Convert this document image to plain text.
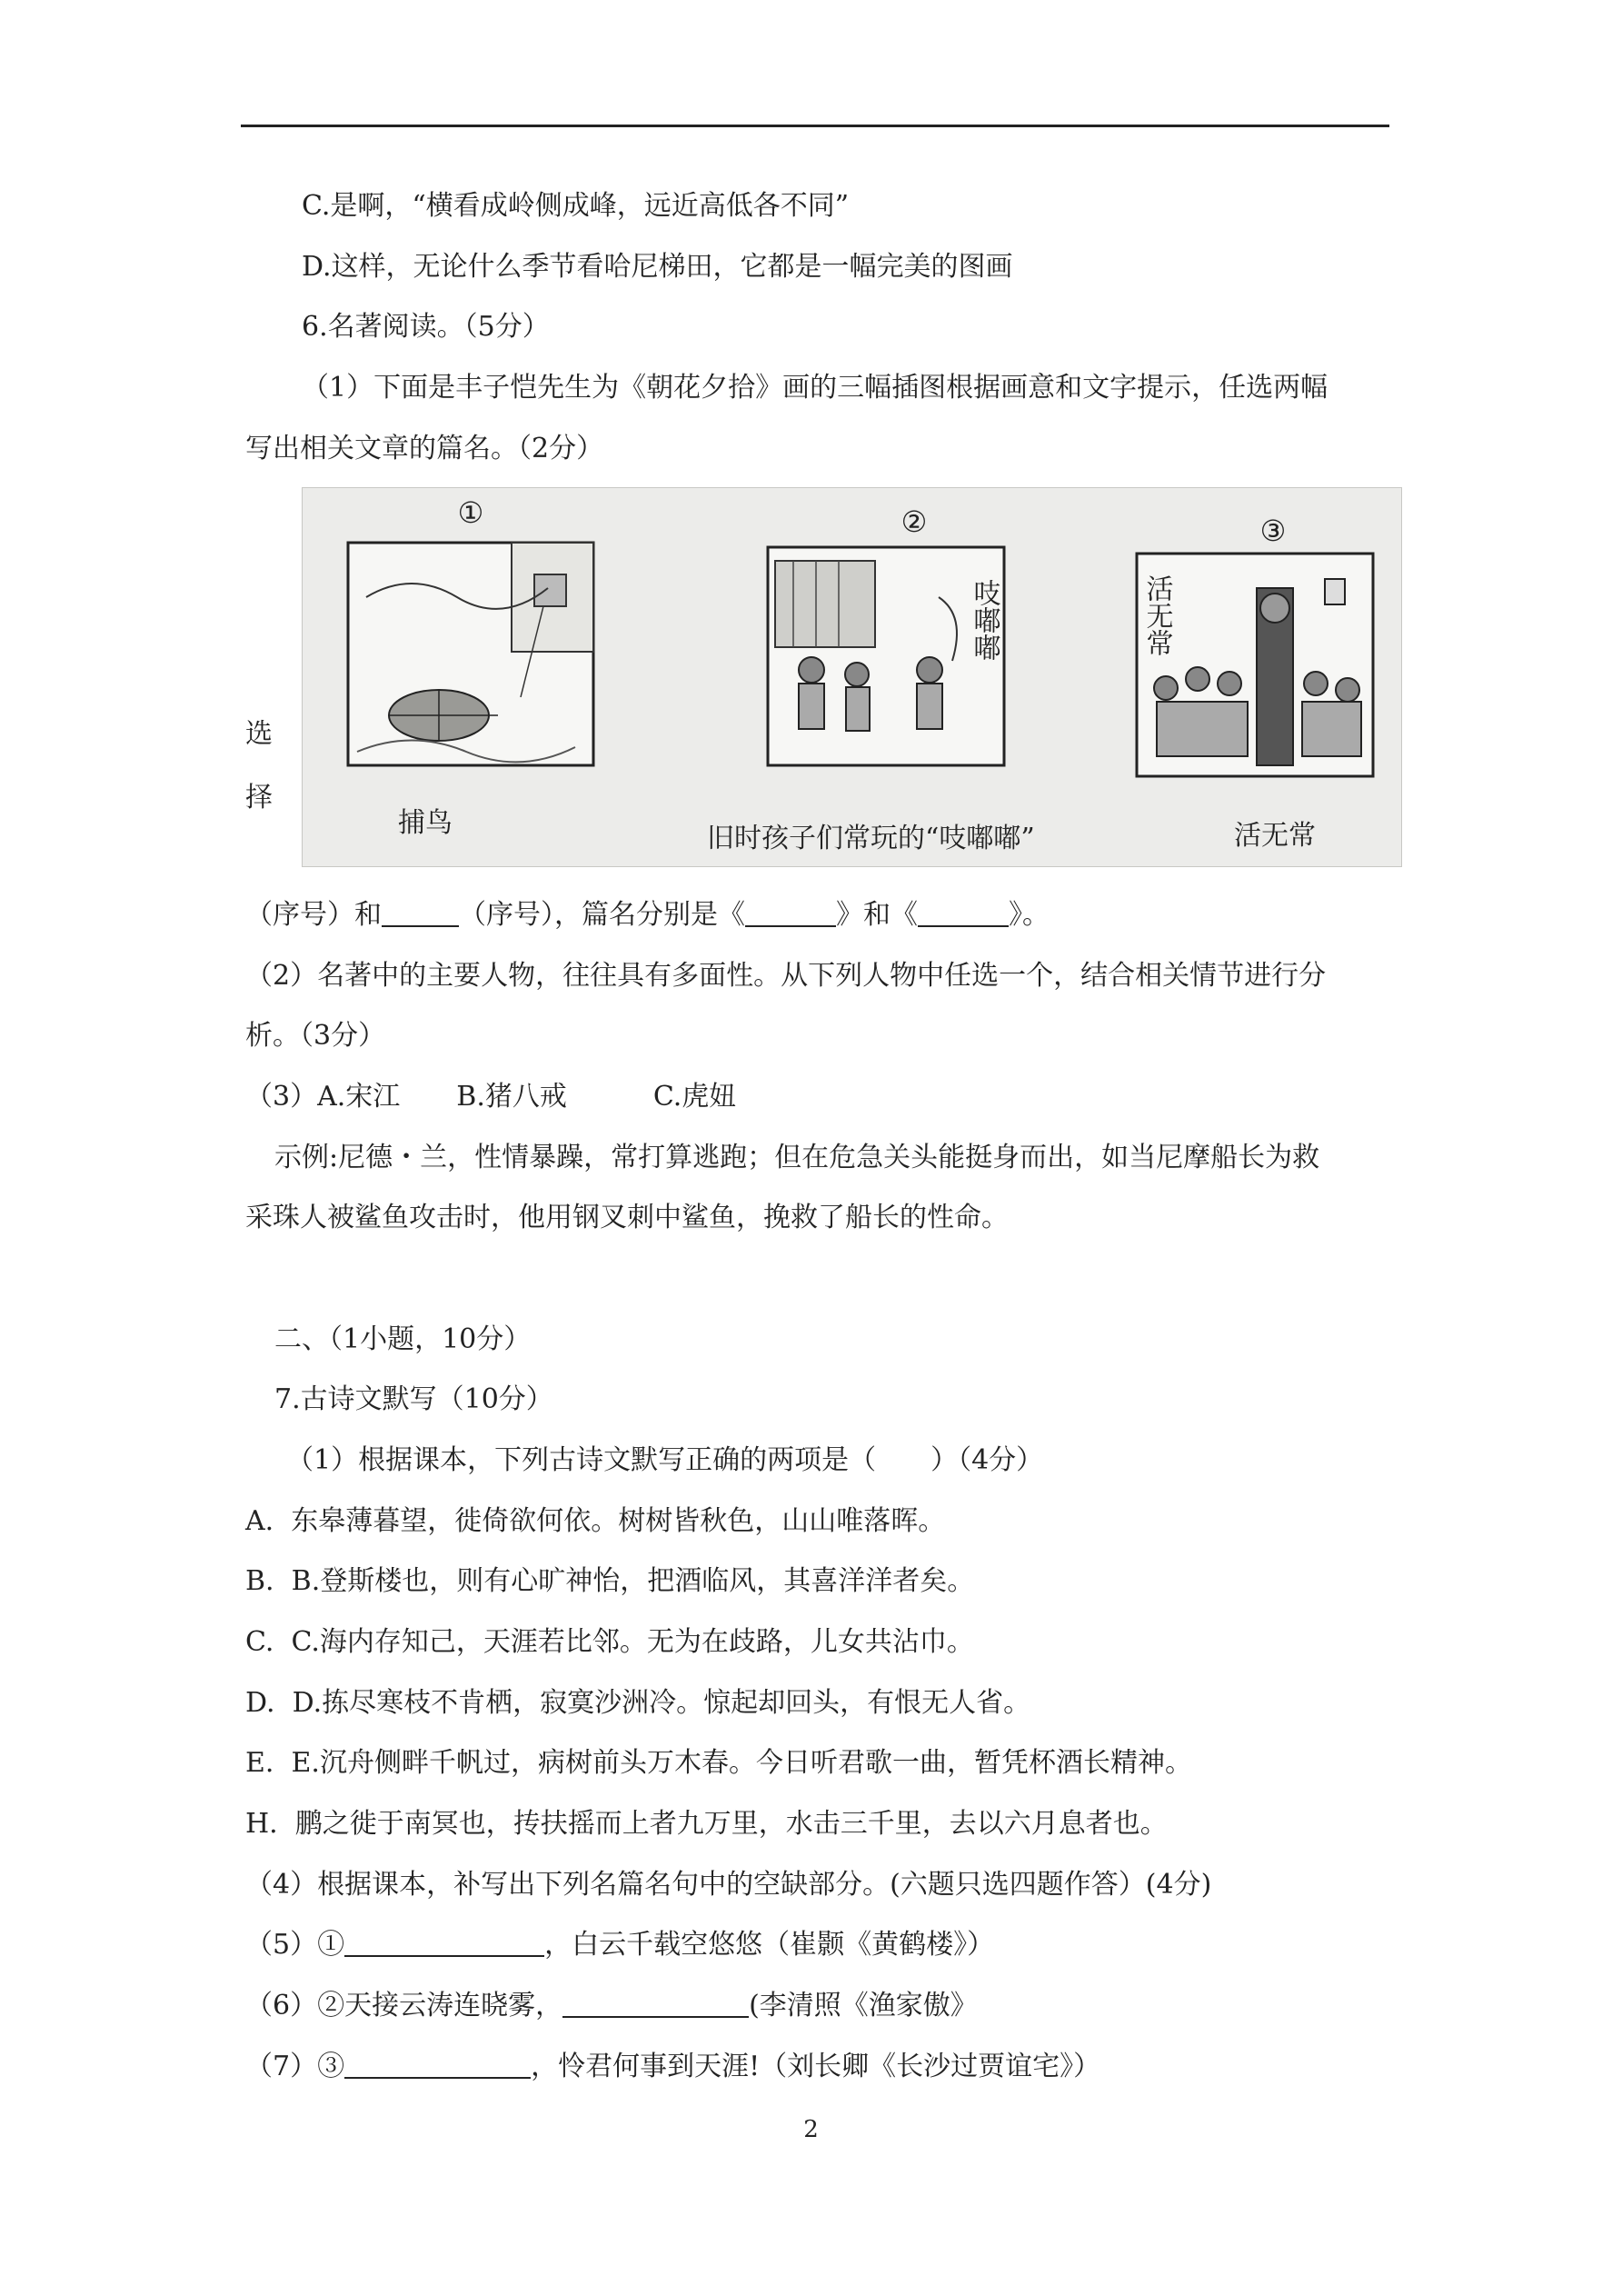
C.是啊，“横看成岭侧成峰，远近高低各不同”
D.这样，无论什么季节看哈尼梯田，它都是一幅完美的图画
6.名著阅读。（5分）
（1）下面是丰子恺先生为《朝花夕拾》画的三幅插图根据画意和文字提示，任选两幅
写出相关文章的篇名。（2分）
选
择
①
捕鸟
②
吱嘟嘟
旧时孩子们常玩的“吱嘟嘟”
③
活无常
活无常
（序号）和	（序号），篇名分别是《	》和《	》。
（2）名著中的主要人物，往往具有多面性。从下列人物中任选一个，结合相关情节进行分
析。（3分）
（3）A.宋江 B.猪八戒	C.虎妞
示例:尼德・兰，性情暴躁，常打算逃跑；但在危急关头能挺身而出，如当尼摩船长为救
采珠人被鲨鱼攻击时，他用钢叉刺中鲨鱼，挽救了船长的性命。
二、（1小题，10分）
7.古诗文默写（10分）
（1）根据课本，下列古诗文默写正确的两项是（　　）（4分）
A.  东皋薄暮望，徙倚欲何依。树树皆秋色，山山唯落晖。
B.  B.登斯楼也，则有心旷神怡，把酒临风，其喜洋洋者矣。
C.  C.海内存知己，天涯若比邻。无为在歧路，儿女共沾巾。
D.  D.拣尽寒枝不肯栖，寂寞沙洲冷。惊起却回头，有恨无人省。
E.  E.沉舟侧畔千帆过，病树前头万木春。今日听君歌一曲，暂凭杯酒长精神。
H.  鹏之徙于南冥也，抟扶摇而上者九万里，水击三千里，去以六月息者也。
（4）根据课本，补写出下列名篇名句中的空缺部分。(六题只选四题作答）(4分)
（5）①	，白云千载空悠悠（崔颢《黄鹤楼》）
（6）②天接云涛连晓雾，	(李清照《渔家傲》
（7）③	，怜君何事到天涯!（刘长卿《长沙过贾谊宅》）
2
